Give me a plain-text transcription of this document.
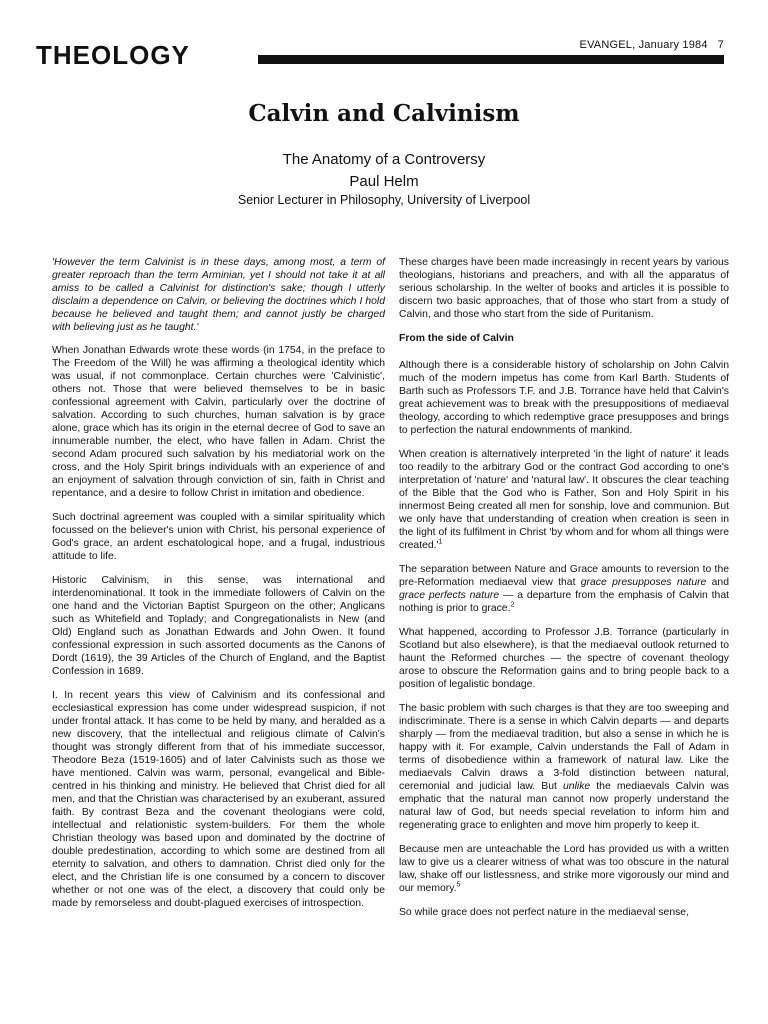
THEOLOGY	EVANGEL, January 1984 7
Calvin and Calvinism
The Anatomy of a Controversy
Paul Helm
Senior Lecturer in Philosophy, University of Liverpool

'However the term Calvinist is in these days, among most, a term of greater reproach than the term Arminian, yet I should not take it at all amiss to be called a Calvinist for distinction's sake; though I utterly disclaim a dependence on Calvin, or believing the doctrines which I hold because he believed and taught them; and cannot justly be charged with believing just as he taught.'

When Jonathan Edwards wrote these words (in 1754, in the preface to The Freedom of the Will) he was affirming a theological identity which was usual, if not commonplace. Certain churches were 'Calvinistic', others not. Those that were believed themselves to be in basic confessional agreement with Calvin, particularly over the doctrine of salvation. According to such churches, human salvation is by grace alone, grace which has its origin in the eternal decree of God to save an innumerable number, the elect, who have fallen in Adam. Christ the second Adam procured such salvation by his mediatorial work on the cross, and the Holy Spirit brings individuals with an experience of and an enjoyment of salvation through conviction of sin, faith in Christ and repentance, and a desire to follow Christ in imitation and obedience.

Such doctrinal agreement was coupled with a similar spirituality which focussed on the believer's union with Christ, his personal experience of God's grace, an ardent eschatological hope, and a frugal, industrious attitude to life.

Historic Calvinism, in this sense, was international and interdenominational. It took in the immediate followers of Calvin on the one hand and the Victorian Baptist Spurgeon on the other; Anglicans such as Whitefield and Toplady; and Congregationalists in New (and Old) England such as Jonathan Edwards and John Owen. It found confessional expression in such assorted documents as the Canons of Dordt (1619), the 39 Articles of the Church of England, and the Baptist Confession in 1689.

I. In recent years this view of Calvinism and its confessional and ecclesiastical expression has come under widespread suspicion, if not under frontal attack. It has come to be held by many, and heralded as a new discovery, that the intellectual and religious climate of Calvin's thought was strongly different from that of his immediate successor, Theodore Beza (1519-1605) and of later Calvinists such as those we have mentioned. Calvin was warm, personal, evangelical and Bible-centred in his thinking and ministry. He believed that Christ died for all men, and that the Christian was characterised by an exuberant, assured faith. By contrast Beza and the covenant theologians were cold, intellectual and relationistic system-builders. For them the whole Christian theology was based upon and dominated by the doctrine of double predestination, according to which some are destined from all eternity to salvation, and others to damnation. Christ died only for the elect, and the Christian life is one consumed by a concern to discover whether or not one was of the elect, a discovery that could only be made by remorseless and doubt-plagued exercises of introspection.

These charges have been made increasingly in recent years by various theologians, historians and preachers, and with all the apparatus of serious scholarship. In the welter of books and articles it is possible to discern two basic approaches, that of those who start from a study of Calvin, and those who start from the side of Puritanism.

From the side of Calvin

Although there is a considerable history of scholarship on John Calvin much of the modern impetus has come from Karl Barth. Students of Barth such as Professors T.F. and J.B. Torrance have held that Calvin's great achievement was to break with the presuppositions of mediaeval theology, according to which redemptive grace presupposes and brings to perfection the natural endownments of mankind.

When creation is alternatively interpreted 'in the light of nature' it leads too readily to the arbitrary God or the contract God according to one's interpretation of 'nature' and 'natural law'. It obscures the clear teaching of the Bible that the God who is Father, Son and Holy Spirit in his innermost Being created all men for sonship, love and communion. But we only have that understanding of creation when creation is seen in the light of its fulfilment in Christ 'by whom and for whom all things were $created.'^1$

The separation between Nature and Grace amounts to reversion to the pre-Reformation mediaeval view that grace presupposes nature and grace perfects nature — a departure from the emphasis of Calvin that nothing is prior to grace.$^2$

What happened, according to Professor J.B. Torrance (particularly in Scotland but also elsewhere), is that the mediaeval outlook returned to haunt the Reformed churches — the spectre of covenant theology arose to obscure the Reformation gains and to bring people back to a position of legalistic bondage.

The basic problem with such charges is that they are too sweeping and indiscriminate. There is a sense in which Calvin departs — and departs sharply — from the mediaeval tradition, but also a sense in which he is happy with it. For example, Calvin understands the Fall of Adam in terms of disobedience within a framework of natural law. Like the mediaevals Calvin draws a 3-fold distinction between natural, ceremonial and judicial law. But unlike the mediaevals Calvin was emphatic that the natural man cannot now properly understand the natural law of God, but needs special revelation to inform him and regenerating grace to enlighten and move him properly to keep it.

Because men are unteachable the Lord has provided us with a written law to give us a clearer witness of what was too obscure in the natural law, shake off our listlessness, and strike more vigorously our mind and our memory.$^5$

So while grace does not perfect nature in the mediaeval sense,
